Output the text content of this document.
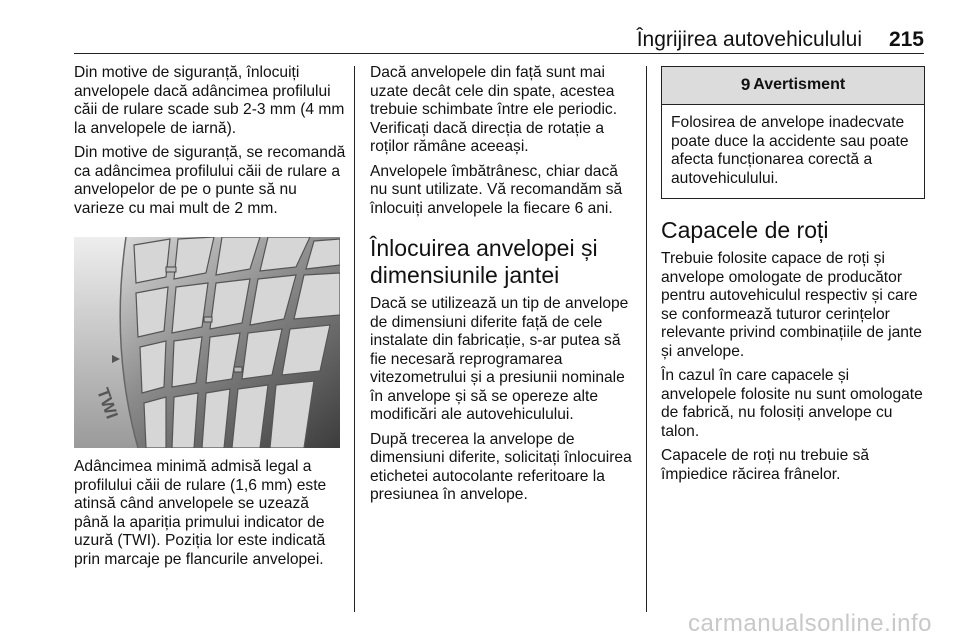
Îngrijirea autovehiculului 215

Din motive de siguranță, înlocuiți anvelopele dacă adâncimea profilului căii de rulare scade sub 2-3 mm (4 mm la anvelopele de iarnă).

Din motive de siguranță, se recomandă ca adâncimea profilului căii de rulare a anvelopelor de pe o punte să nu varieze cu mai mult de 2 mm.

TWI

Adâncimea minimă admisă legal a profilului căii de rulare (1,6 mm) este atinsă când anvelopele se uzează până la apariția primului indicator de uzură (TWI). Poziția lor este indicată prin marcaje pe flancurile anvelopei.

Dacă anvelopele din față sunt mai uzate decât cele din spate, acestea trebuie schimbate între ele periodic. Verificați dacă direcția de rotație a roților rămâne aceeași.

Anvelopele îmbătrânesc, chiar dacă nu sunt utilizate. Vă recomandăm să înlocuiți anvelopele la fiecare 6 ani.

Înlocuirea anvelopei și dimensiunile jantei

Dacă se utilizează un tip de anvelope de dimensiuni diferite față de cele instalate din fabricație, s-ar putea să fie necesară reprogramarea vitezometrului și a presiunii nominale în anvelope și să se opereze alte modificări ale autovehiculului.

După trecerea la anvelope de dimensiuni diferite, solicitați înlocuirea etichetei autocolante referitoare la presiunea în anvelope.

9 Avertisment
Folosirea de anvelope inadecvate poate duce la accidente sau poate afecta funcționarea corectă a autovehiculului.
Capacele de roți

Trebuie folosite capace de roți și anvelope omologate de producător pentru autovehiculul respectiv și care se conformează tuturor cerințelor relevante privind combinațiile de jante și anvelope.

În cazul în care capacele și anvelopele folosite nu sunt omologate de fabrică, nu folosiți anvelope cu talon.

Capacele de roți nu trebuie să împiedice răcirea frânelor.

carmanualsonline.info
